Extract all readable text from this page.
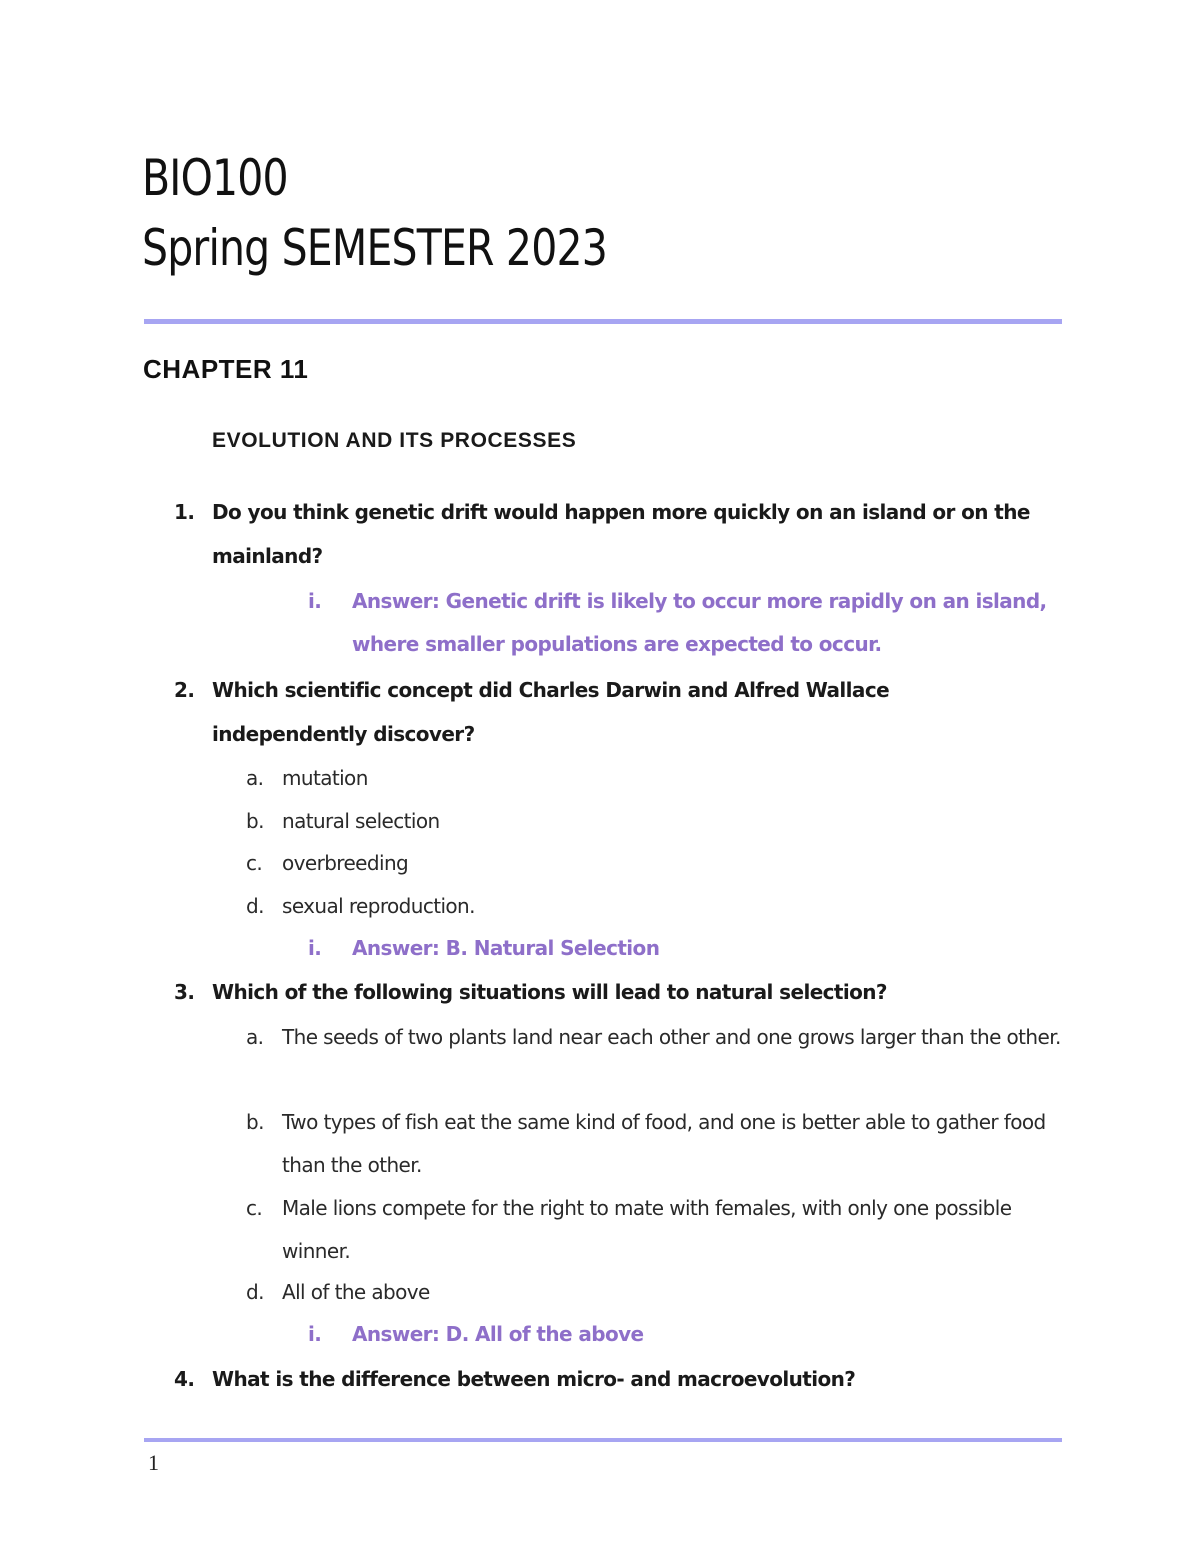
BIO100
Spring SEMESTER 2023
CHAPTER 11
EVOLUTION AND ITS PROCESSES
1. Do you think genetic drift would happen more quickly on an island or on the mainland?
i. Answer: Genetic drift is likely to occur more rapidly on an island, where smaller populations are expected to occur.
2. Which scientific concept did Charles Darwin and Alfred Wallace independently discover?
a. mutation
b. natural selection
c. overbreeding
d. sexual reproduction.
i. Answer: B. Natural Selection
3. Which of the following situations will lead to natural selection?
a. The seeds of two plants land near each other and one grows larger than the other.
b. Two types of fish eat the same kind of food, and one is better able to gather food than the other.
c. Male lions compete for the right to mate with females, with only one possible winner.
d. All of the above
i. Answer: D. All of the above
4. What is the difference between micro- and macroevolution?
1
